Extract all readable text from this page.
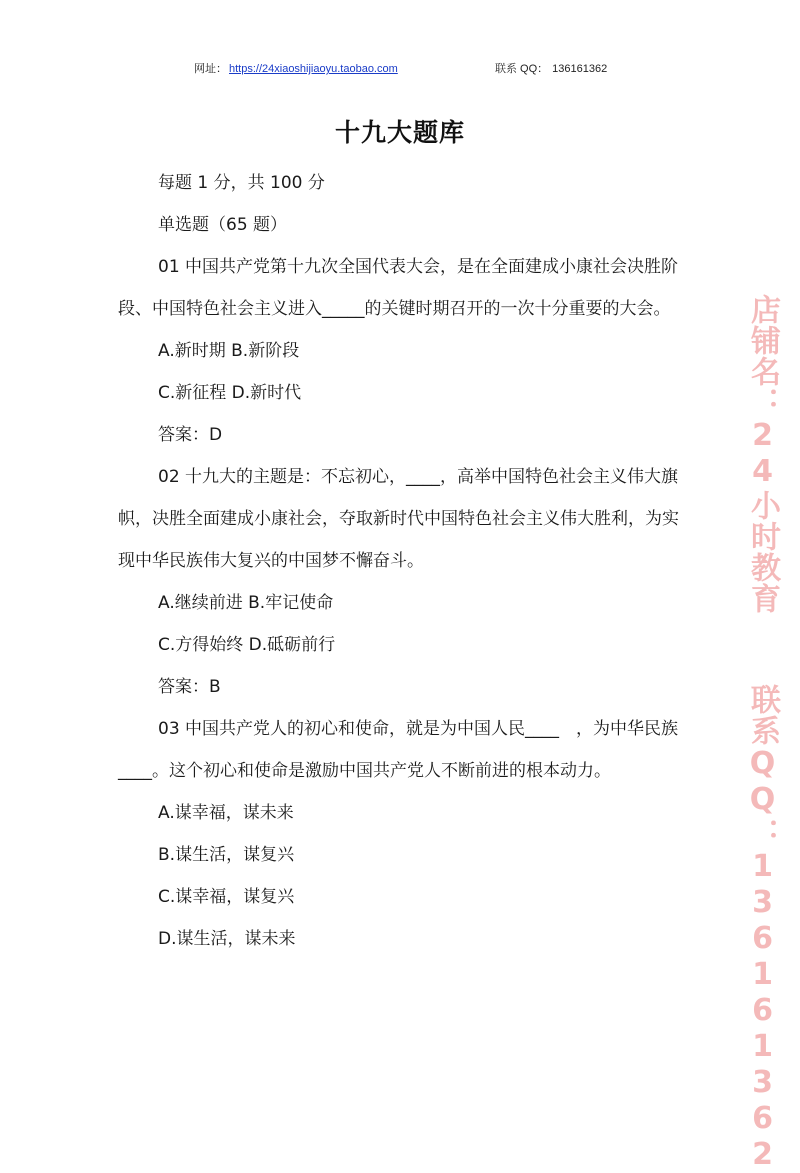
网址： https://24xiaoshijiaoyu.taobao.com	联系 QQ： 136161362
十九大题库

每题 1 分，共 100 分

单选题（65 题）

01 中国共产党第十九次全国代表大会，是在全面建成小康社会决胜阶段、中国特色社会主义进入_____的关键时期召开的一次十分重要的大会。

A.新时期 B.新阶段

C.新征程 D.新时代

答案：D

02 十九大的主题是：不忘初心，____，高举中国特色社会主义伟大旗帜，决胜全面建成小康社会，夺取新时代中国特色社会主义伟大胜利，为实现中华民族伟大复兴的中国梦不懈奋斗。

A.继续前进 B.牢记使命

C.方得始终 D.砥砺前行

答案：B

03 中国共产党人的初心和使命，就是为中国人民____　，为中华民族____。这个初心和使命是激励中国共产党人不断前进的根本动力。

A.谋幸福，谋未来

B.谋生活，谋复兴

C.谋幸福，谋复兴

D.谋生活，谋未来

店铺名：24小时教育联系QQ：136161362
